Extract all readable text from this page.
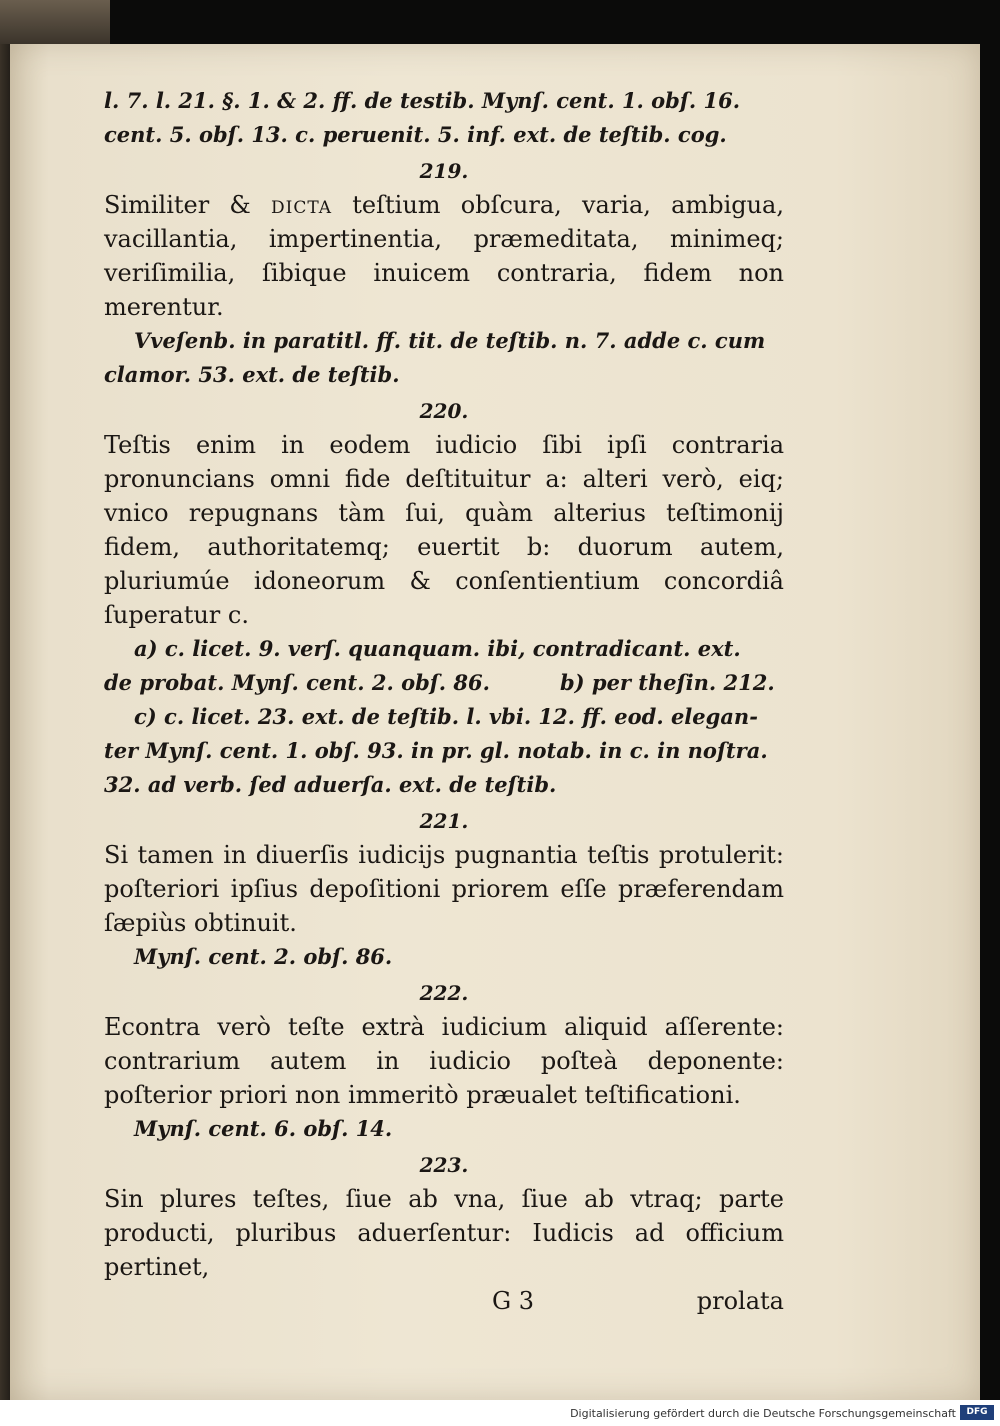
l. 7. l. 21. §. 1. & 2. ff. de testib. Mynſ. cent. 1. obſ. 16.

cent. 5. obſ. 13. c. peruenit. 5. inf. ext. de teſtib. cog.

219.

Similiter & dicta teſtium obſcura, varia, ambigua, vacillantia, impertinentia, præmeditata, minimeq; veriſimilia, ſibique inuicem contraria, fidem non merentur.

Vveſenb. in paratitl. ff. tit. de teſtib. n. 7. adde c. cum

clamor. 53. ext. de teſtib.

220.

Teſtis enim in eodem iudicio ſibi ipſi contraria pronuncians omni fide deſtituitur a: alteri verò, eiq; vnico repugnans tàm ſui, quàm alterius teſtimonij fidem, authoritatemq; euertit b: duorum autem, pluriumúe idoneorum & conſentientium concordiâ ſuperatur c.

a) c. licet. 9. verſ. quanquam. ibi, contradicant. ext.

de probat. Mynſ. cent. 2. obſ. 86.	b) per theſin. 212.

c) c. licet. 23. ext. de teſtib. l. vbi. 12. ff. eod. elegan-

ter Mynſ. cent. 1. obſ. 93. in pr. gl. notab. in c. in noſtra.

32. ad verb. ſed aduerſa. ext. de teſtib.

221.

Si tamen in diuerſis iudicijs pugnantia teſtis protulerit: poſteriori ipſius depoſitioni priorem eſſe præferendam ſæpiùs obtinuit.

Mynſ. cent. 2. obſ. 86.

222.

Econtra verò teſte extrà iudicium aliquid aſſerente: contrarium autem in iudicio poſteà deponente: poſterior priori non immeritò præualet teſtificationi.

Mynſ. cent. 6. obſ. 14.

223.

Sin plures teſtes, ſiue ab vna, ſiue ab vtraq; parte producti, pluribus aduerſentur: Iudicis ad officium pertinet,

G 3	prolata

Digitalisierung gefördert durch die Deutsche Forschungsgemeinschaft	DFG
